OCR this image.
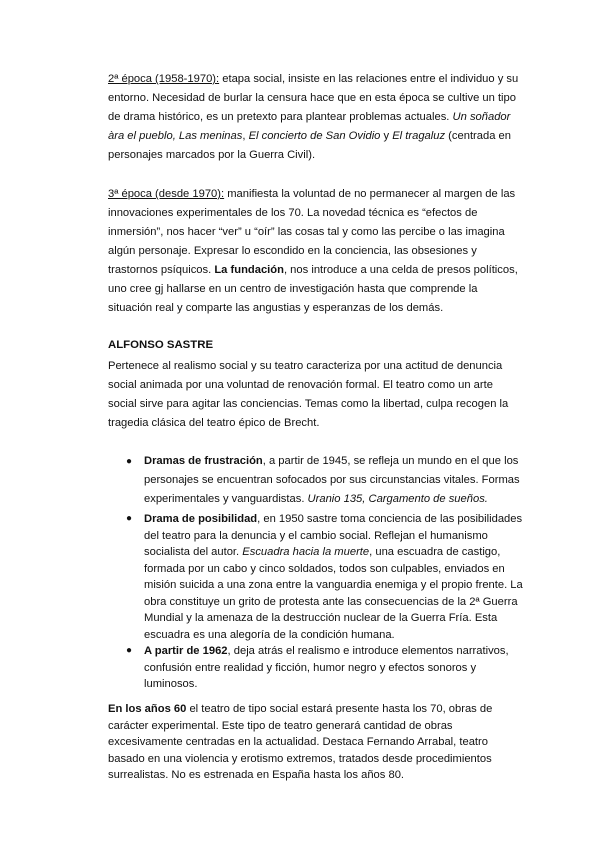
2ª época (1958-1970): etapa social, insiste en las relaciones entre el individuo y su entorno. Necesidad de burlar la censura hace que en esta época se cultive un tipo de drama histórico, es un pretexto para plantear problemas actuales. Un soñador àra el pueblo, Las meninas, El concierto de San Ovidio y El tragaluz (centrada en personajes marcados por la Guerra Civil).

3ª época (desde 1970): manifiesta la voluntad de no permanecer al margen de las innovaciones experimentales de los 70. La novedad técnica es “efectos de inmersión”, nos hacer “ver” u “oír” las cosas tal y como las percibe o las imagina algún personaje. Expresar lo escondido en la conciencia, las obsesiones y trastornos psíquicos. La fundación, nos introduce a una celda de presos políticos, uno cree gj hallarse en un centro de investigación hasta que comprende la situación real y comparte las angustias y esperanzas de los demás.

ALFONSO SASTRE

Pertenece al realismo social y su teatro caracteriza por una actitud de denuncia social animada por una voluntad de renovación formal. El teatro como un arte social sirve para agitar las conciencias. Temas como la libertad, culpa recogen la tragedia clásica del teatro épico de Brecht.

● Dramas de frustración, a partir de 1945, se refleja un mundo en el que los personajes se encuentran sofocados por sus circunstancias vitales. Formas experimentales y vanguardistas. Uranio 135, Cargamento de sueños.
● Drama de posibilidad, en 1950 sastre toma conciencia de las posibilidades del teatro para la denuncia y el cambio social. Reflejan el humanismo socialista del autor. Escuadra hacia la muerte, una escuadra de castigo, formada por un cabo y cinco soldados, todos son culpables, enviados en misión suicida a una zona entre la vanguardia enemiga y el propio frente. La obra constituye un grito de protesta ante las consecuencias de la 2ª Guerra Mundial y la amenaza de la destrucción nuclear de la Guerra Fría. Esta escuadra es una alegoría de la condición humana.
● A partir de 1962, deja atrás el realismo e introduce elementos narrativos, confusión entre realidad y ficción, humor negro y efectos sonoros y luminosos.

En los años 60 el teatro de tipo social estará presente hasta los 70, obras de carácter experimental. Este tipo de teatro generará cantidad de obras excesivamente centradas en la actualidad. Destaca Fernando Arrabal, teatro basado en una violencia y erotismo extremos, tratados desde procedimientos surrealistas. No es estrenada en España hasta los años 80.
